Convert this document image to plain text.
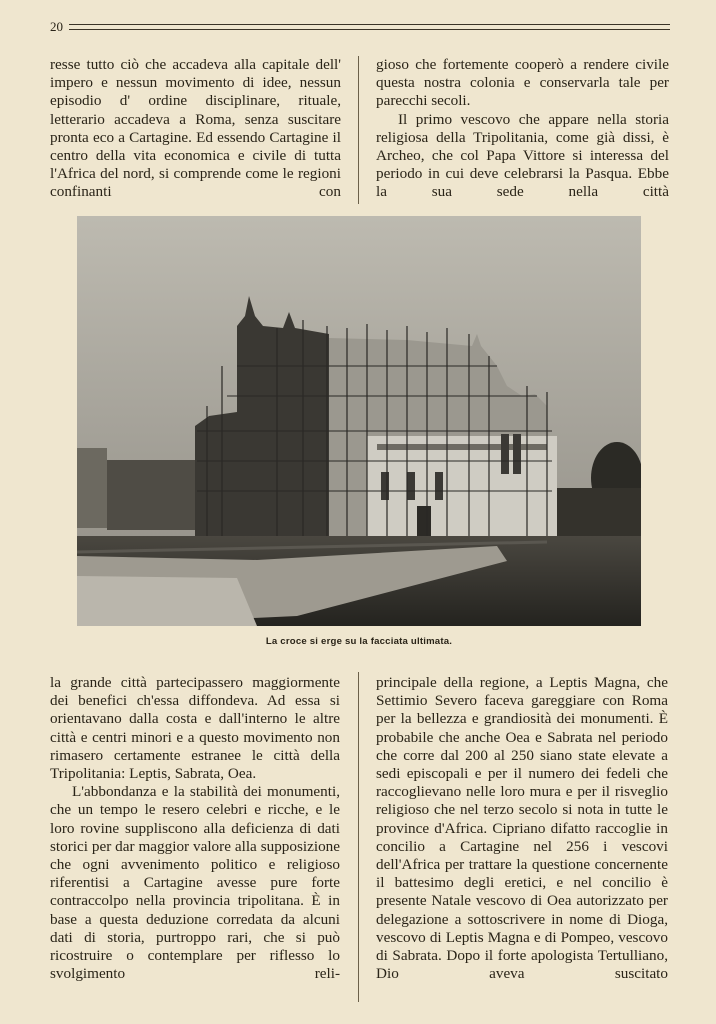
20

resse tutto ciò che accadeva alla capitale dell' impero e nessun movimento di idee, nessun episodio d' ordine disciplinare, rituale, letterario accadeva a Roma, senza suscitare pronta eco a Cartagine. Ed essendo Cartagine il centro della vita economica e civile di tutta l'Africa del nord, si comprende come le regioni confinanti con

gioso che fortemente cooperò a rendere civile questa nostra colonia e conservarla tale per parecchi secoli.

Il primo vescovo che appare nella storia religiosa della Tripolitania, come già dissi, è Archeo, che col Papa Vittore si interessa del periodo in cui deve celebrarsi la Pasqua. Ebbe la sua sede nella città

La croce si erge su la facciata ultimata.

la grande città partecipassero maggiormente dei benefici ch'essa diffondeva. Ad essa si orientavano dalla costa e dall'interno le altre città e centri minori e a questo movimento non rimasero certamente estranee le città della Tripolitania: Leptis, Sabrata, Oea.

L'abbondanza e la stabilità dei monumenti, che un tempo le resero celebri e ricche, e le loro rovine suppliscono alla deficienza di dati storici per dar maggior valore alla supposizione che ogni avvenimento politico e religioso riferentisi a Cartagine avesse pure forte contraccolpo nella provincia tripolitana. È in base a questa deduzione corredata da alcuni dati di storia, purtroppo rari, che si può ricostruire o contemplare per riflesso lo svolgimento reli-

principale della regione, a Leptis Magna, che Settimio Severo faceva gareggiare con Roma per la bellezza e grandiosità dei monumenti. È probabile che anche Oea e Sabrata nel periodo che corre dal 200 al 250 siano state elevate a sedi episcopali e per il numero dei fedeli che raccoglievano nelle loro mura e per il risveglio religioso che nel terzo secolo si nota in tutte le province d'Africa. Cipriano difatto raccoglie in concilio a Cartagine nel 256 i vescovi dell'Africa per trattare la questione concernente il battesimo degli eretici, e nel concilio è presente Natale vescovo di Oea autorizzato per delegazione a sottoscrivere in nome di Dioga, vescovo di Leptis Magna e di Pompeo, vescovo di Sabrata. Dopo il forte apologista Tertulliano, Dio aveva suscitato
